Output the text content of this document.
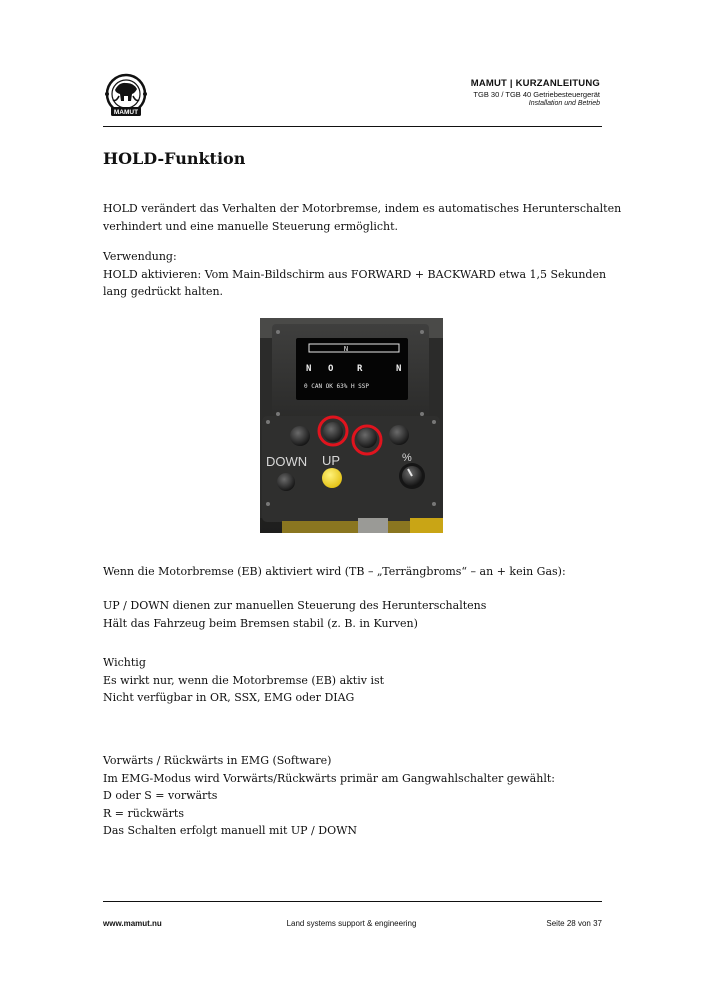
MAMUT
MAMUT | KURZANLEITUNG
TGB 30 / TGB 40 Getriebesteuergerät
Installation und Betrieb
HOLD-Funktion
HOLD verändert das Verhalten der Motorbremse, indem es automatisches Herunterschalten
verhindert und eine manuelle Steuerung ermöglicht.
Verwendung:
HOLD aktivieren: Vom Main-Bildschirm aus FORWARD + BACKWARD etwa 1,5 Sekunden
lang gedrückt halten.
N
N O	R	N
0 CAN OK 63% H SSP
DOWN UP	%
Wenn die Motorbremse (EB) aktiviert wird (TB – „Terrängbroms“ – an + kein Gas):
UP / DOWN dienen zur manuellen Steuerung des Herunterschaltens
Hält das Fahrzeug beim Bremsen stabil (z. B. in Kurven)
Wichtig
Es wirkt nur, wenn die Motorbremse (EB) aktiv ist
Nicht verfügbar in OR, SSX, EMG oder DIAG
Vorwärts / Rückwärts in EMG (Software)
Im EMG-Modus wird Vorwärts/Rückwärts primär am Gangwahlschalter gewählt:
D oder S = vorwärts
R = rückwärts
Das Schalten erfolgt manuell mit UP / DOWN
www.mamut.nu	Land systems support & engineering	Seite 28 von 37
